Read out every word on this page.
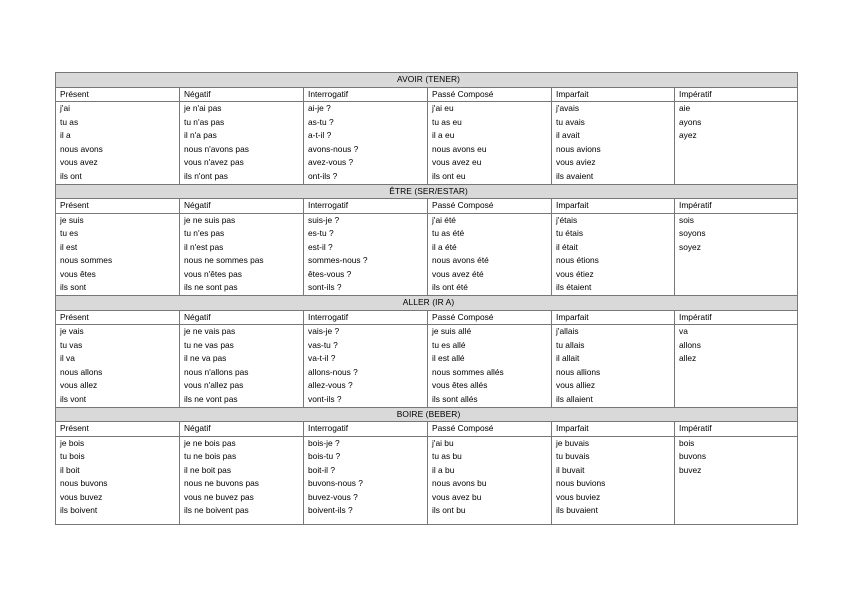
AVOIR (TENER)					
Présent	Négatif	Interrogatif	Passé Composé	Imparfait	Impératif
j'ai	je n'ai pas	ai-je ?	j'ai eu	j'avais	aie
tu as	tu n'as pas	as-tu ?	tu as eu	tu avais	ayons
il a	il n'a pas	a-t-il ?	il a eu	il avait	ayez
nous avons	nous n'avons pas	avons-nous ?	nous avons eu	nous avions	
vous avez	vous n'avez pas	avez-vous ?	vous avez eu	vous aviez	
ils ont	ils n'ont pas	ont-ils ?	ils ont eu	ils avaient	
ÊTRE (SER/ESTAR)					
Présent	Négatif	Interrogatif	Passé Composé	Imparfait	Impératif
je suis	je ne suis pas	suis-je ?	j'ai été	j'étais	sois
tu es	tu n'es pas	es-tu ?	tu as été	tu étais	soyons
il est	il n'est pas	est-il ?	il a été	il était	soyez
nous sommes	nous ne sommes pas	sommes-nous ?	nous avons été	nous étions	
vous êtes	vous n'êtes pas	êtes-vous ?	vous avez été	vous étiez	
ils sont	ils ne sont pas	sont-ils ?	ils ont été	ils étaient	
ALLER (IR A)					
Présent	Négatif	Interrogatif	Passé Composé	Imparfait	Impératif
je vais	je ne vais pas	vais-je ?	je suis allé	j'allais	va
tu vas	tu ne vas pas	vas-tu ?	tu es allé	tu allais	allons
il va	il ne va pas	va-t-il ?	il est allé	il allait	allez
nous allons	nous n'allons pas	allons-nous ?	nous sommes allés	nous allions	
vous allez	vous n'allez pas	allez-vous ?	vous êtes allés	vous alliez	
ils vont	ils ne vont pas	vont-ils ?	ils sont allés	ils allaient	
BOIRE (BEBER)					
Présent	Négatif	Interrogatif	Passé Composé	Imparfait	Impératif
je bois	je ne bois pas	bois-je ?	j'ai bu	je buvais	bois
tu bois	tu ne bois pas	bois-tu ?	tu as bu	tu buvais	buvons
il boit	il ne boit pas	boit-il ?	il a bu	il buvait	buvez
nous buvons	nous ne buvons pas	buvons-nous ?	nous avons bu	nous buvions	
vous buvez	vous ne buvez pas	buvez-vous ?	vous avez bu	vous buviez	
ils boivent	ils ne boivent pas	boivent-ils ?	ils ont bu	ils buvaient	
